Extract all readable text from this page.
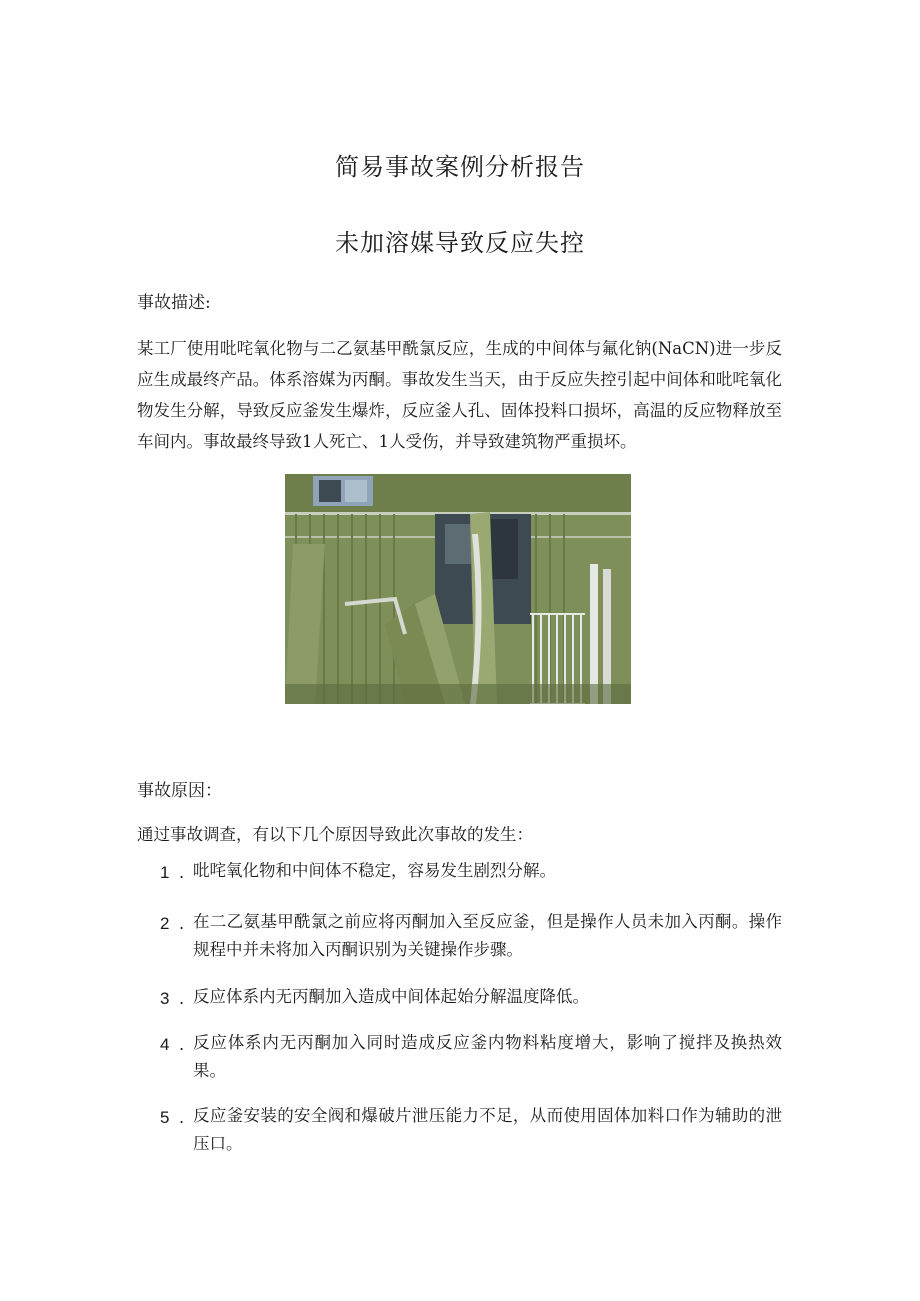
简易事故案例分析报告
未加溶媒导致反应失控
事故描述:

某工厂使用吡咤氧化物与二乙氨基甲酰氯反应，生成的中间体与氟化钠(NaCN)进一步反应生成最终产品。体系溶媒为丙酮。事故发生当天，由于反应失控引起中间体和吡咤氧化物发生分解，导致反应釜发生爆炸，反应釜人孔、固体投料口损坏，高温的反应物释放至车间内。事故最终导致1人死亡、1人受伤，并导致建筑物严重损坏。

事故原因：

通过事故调查，有以下几个原因导致此次事故的发生：

1 . 吡咤氧化物和中间体不稳定，容易发生剧烈分解。
2 . 在二乙氨基甲酰氯之前应将丙酮加入至反应釜，但是操作人员未加入丙酮。操作规程中并未将加入丙酮识别为关键操作步骤。
3 . 反应体系内无丙酮加入造成中间体起始分解温度降低。
4 . 反应体系内无丙酮加入同时造成反应釜内物料粘度增大，影响了搅拌及换热效果。
5 . 反应釜安装的安全阀和爆破片泄压能力不足，从而使用固体加料口作为辅助的泄压口。
